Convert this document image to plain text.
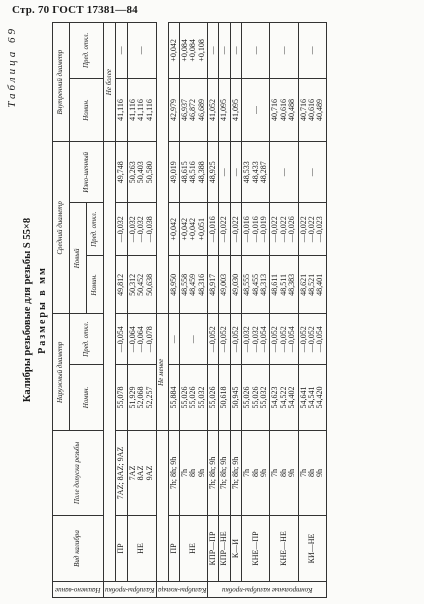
Стр. 70 ГОСТ 17381—84
Таблица 69
Калибры резьбовые для резьбы S 55×8 Размеры в мм
Наимено-вание	Вид калибра	Поле допуска резьбы	Наружный диаметр		Средний диаметр			Внутренний диаметр	
			Номин.	Пред. откл.	Новый		Изно-шенный	Номин.	Пред. откл.
					Номин.	Пред. откл.			

Калибры-пробки								Не более	
	ПР	7AZ; 8AZ; 9AZ	55,078	—0,054	49,812	—0,032	49,748	41,116	—

	НЕ	7AZ 8AZ 9AZ	51,929 52,068 52,257	—0,064 —0,064 —0,078	50,312 50,452 50,638	—0,032 —0,032 —0,038	50,263 50,403 50,580	41,116 41,116 41,116	—

Калибры-кольца			Не менее						
	ПР	7h; 8h; 9h	55,884	—	48,950	+0,042	49,019	42,979	+0,042

	НЕ	7h 8h 9h	55,026 55,026 55,032	—	48,558 48,459 48,316	+0,042 +0,042 +0,051	48,615 48,516 48,388	46,937 46,872 46,689	+0,084 +0,084 +0,108

Контрольные калибры-пробки									

	КПР—ПР	7h; 8h; 9h	55,026	—0,052	48,917	—0,016	48,925	41,052	—

	КПР—НЕ	7h; 8h; 9h	50,618	—0,052	49,003	—0,022	—	41,095	—

	К—И	7h; 8h; 9h	50,945	—0,052	49,030	—0,022	—	41,095	—

	КНЕ—ПР	7h 8h 9h	55,026 55,026 55,032	—0,032 —0,032 —0,054	48,555 48,455 48,313	—0,016 —0,016 —0,019	48,533 48,433 48,287	—	—

	КНЕ—НЕ	7h 8h 9h	54,623 54,522 54,402	—0,052 —0,052 —0,054	48,611 48,511 48,383	—0,022 —0,022 —0,026	—	40,716 40,616 40,488	—

	КИ—НЕ	7h 8h 9h	54,641 54,541 54,420	—0,052 —0,052 —0,054	48,621 48,521 48,401	—0,022 —0,022 —0,023	—	40,716 40,616 40,489	—
